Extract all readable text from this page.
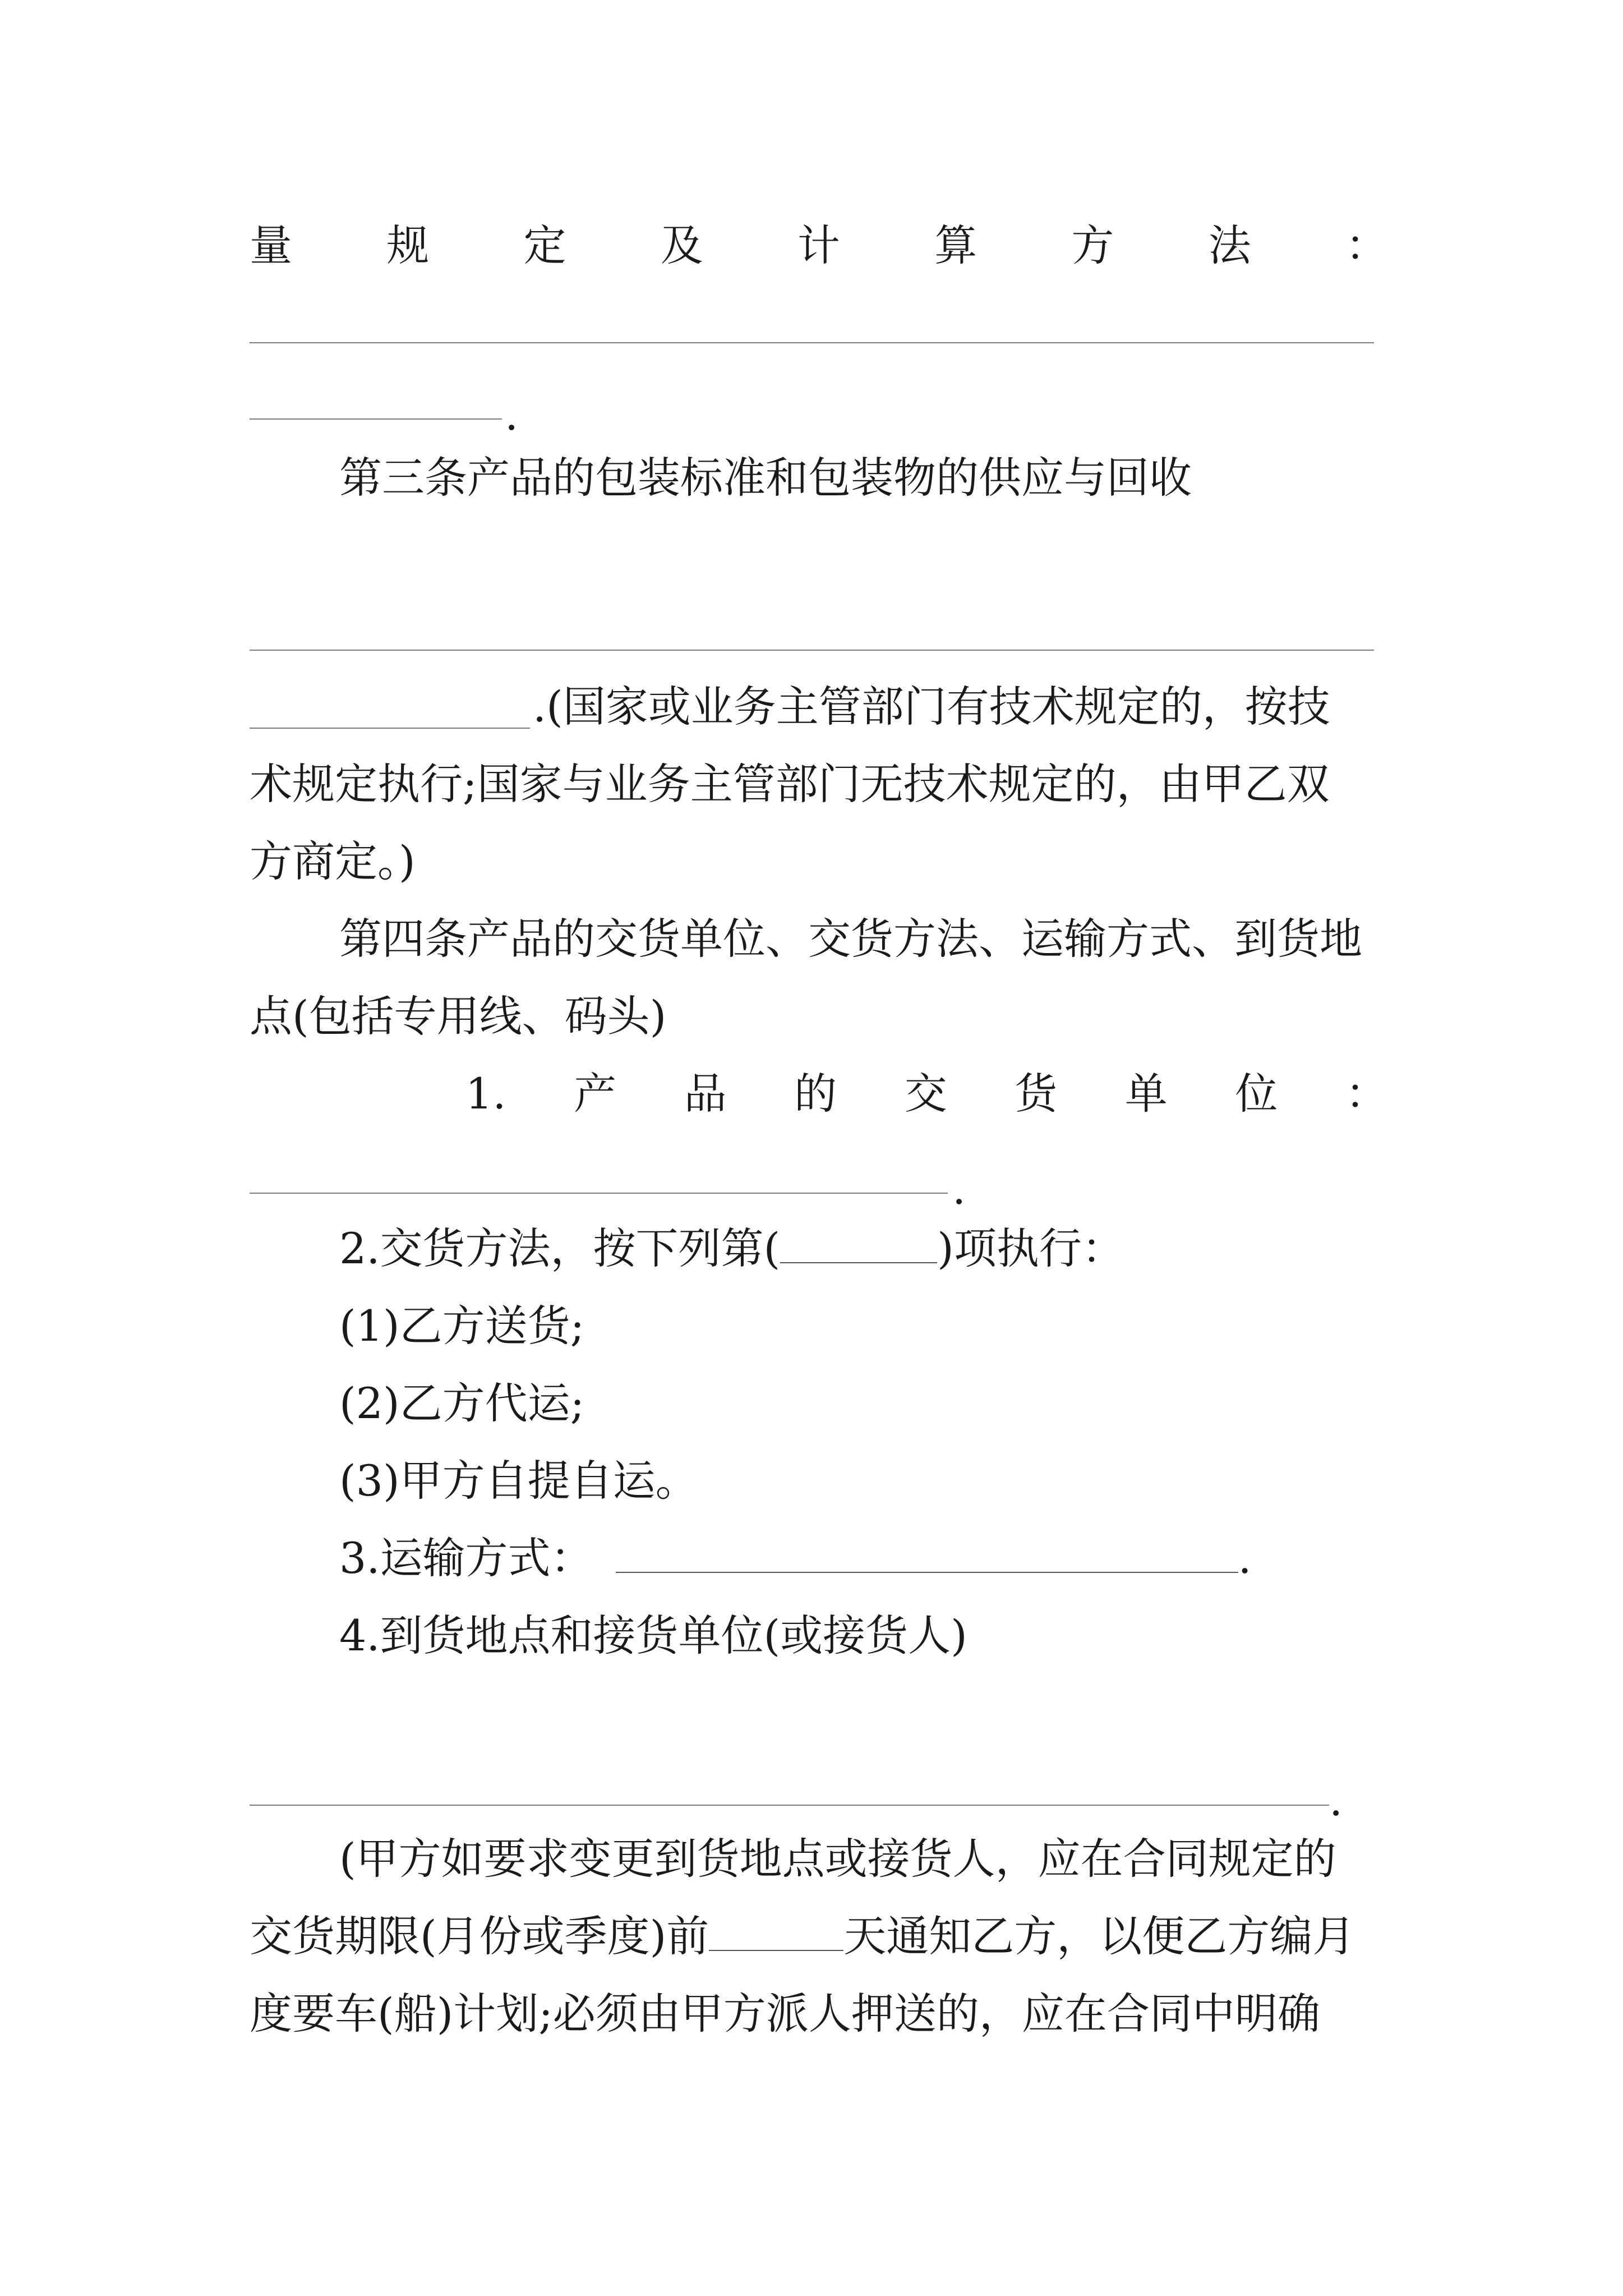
量 规 定 及 计 算 方 法 ：
.
第三条产品的包装标准和包装物的供应与回收
.(国家或业务主管部门有技术规定的，按技
术规定执行;国家与业务主管部门无技术规定的，由甲乙双
方商定。)
第四条产品的交货单位、交货方法、运输方式、到货地
点(包括专用线、码头)
1. 产 品 的 交 货 单 位 ：
.
2.交货方法，按下列第(	)项执行：
(1)乙方送货;
(2)乙方代运;
(3)甲方自提自运。
3.运输方式：	.
4.到货地点和接货单位(或接货人)
.
(甲方如要求变更到货地点或接货人，应在合同规定的
交货期限(月份或季度)前	天通知乙方，以便乙方编月
度要车(船)计划;必须由甲方派人押送的，应在合同中明确
